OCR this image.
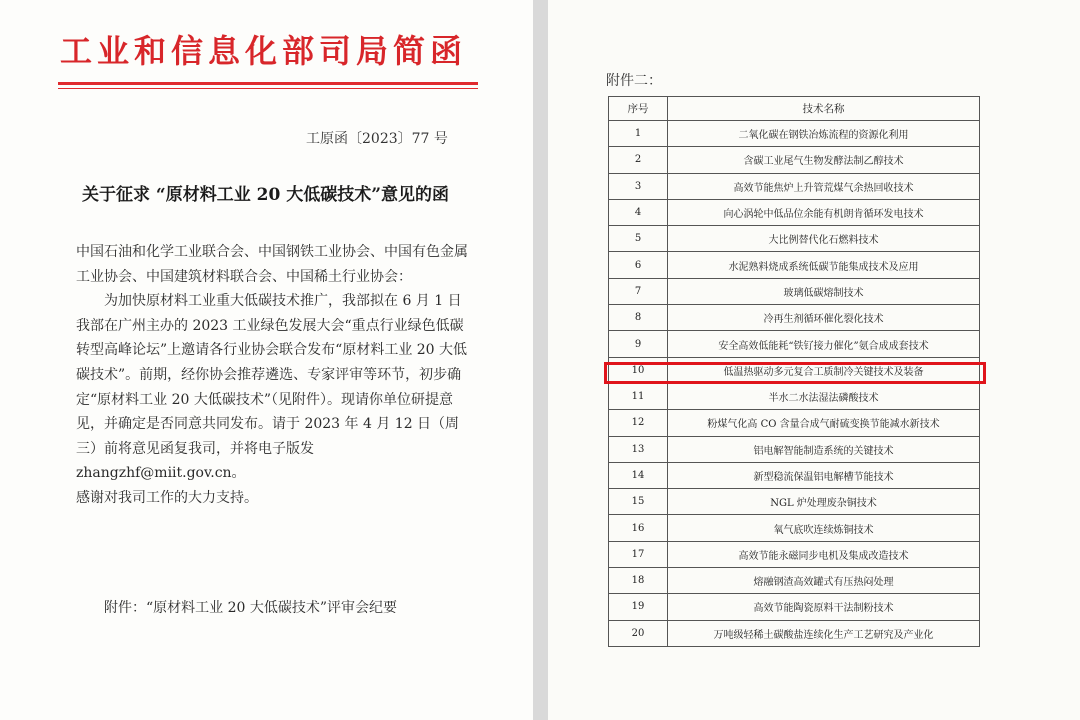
工业和信息化部司局简函
工原函〔2023〕77 号
关于征求 “原材料工业 20 大低碳技术”意见的函

中国石油和化学工业联合会、中国钢铁工业协会、中国有色金属工业协会、中国建筑材料联合会、中国稀土行业协会：

为加快原材料工业重大低碳技术推广，我部拟在 6 月 1 日我部在广州主办的 2023 工业绿色发展大会“重点行业绿色低碳转型高峰论坛”上邀请各行业协会联合发布“原材料工业 20 大低碳技术”。前期，经你协会推荐遴选、专家评审等环节，初步确定“原材料工业 20 大低碳技术”（见附件）。现请你单位研提意见，并确定是否同意共同发布。请于 2023 年 4 月 12 日（周三）前将意见函复我司，并将电子版发 zhangzhf@miit.gov.cn。

感谢对我司工作的大力支持。

附件：“原材料工业 20 大低碳技术”评审会纪要
附件二：
序号	技术名称
1	二氧化碳在钢铁冶炼流程的资源化利用
2	含碳工业尾气生物发酵法制乙醇技术
3	高效节能焦炉上升管荒煤气余热回收技术
4	向心涡轮中低品位余能有机朗肯循环发电技术
5	大比例替代化石燃料技术
6	水泥熟料烧成系统低碳节能集成技术及应用
7	玻璃低碳熔制技术
8	冷再生剂循环催化裂化技术
9	安全高效低能耗“铁钌接力催化”氨合成成套技术
10	低温热驱动多元复合工质制冷关键技术及装备
11	半水二水法湿法磷酸技术
12	粉煤气化高 CO 含量合成气耐硫变换节能减水新技术
13	铝电解智能制造系统的关键技术
14	新型稳流保温铝电解槽节能技术
15	NGL 炉处理废杂铜技术
16	氧气底吹连续炼铜技术
17	高效节能永磁同步电机及集成改造技术
18	熔融钢渣高效罐式有压热闷处理
19	高效节能陶瓷原料干法制粉技术
20	万吨级轻稀土碳酸盐连续化生产工艺研究及产业化
